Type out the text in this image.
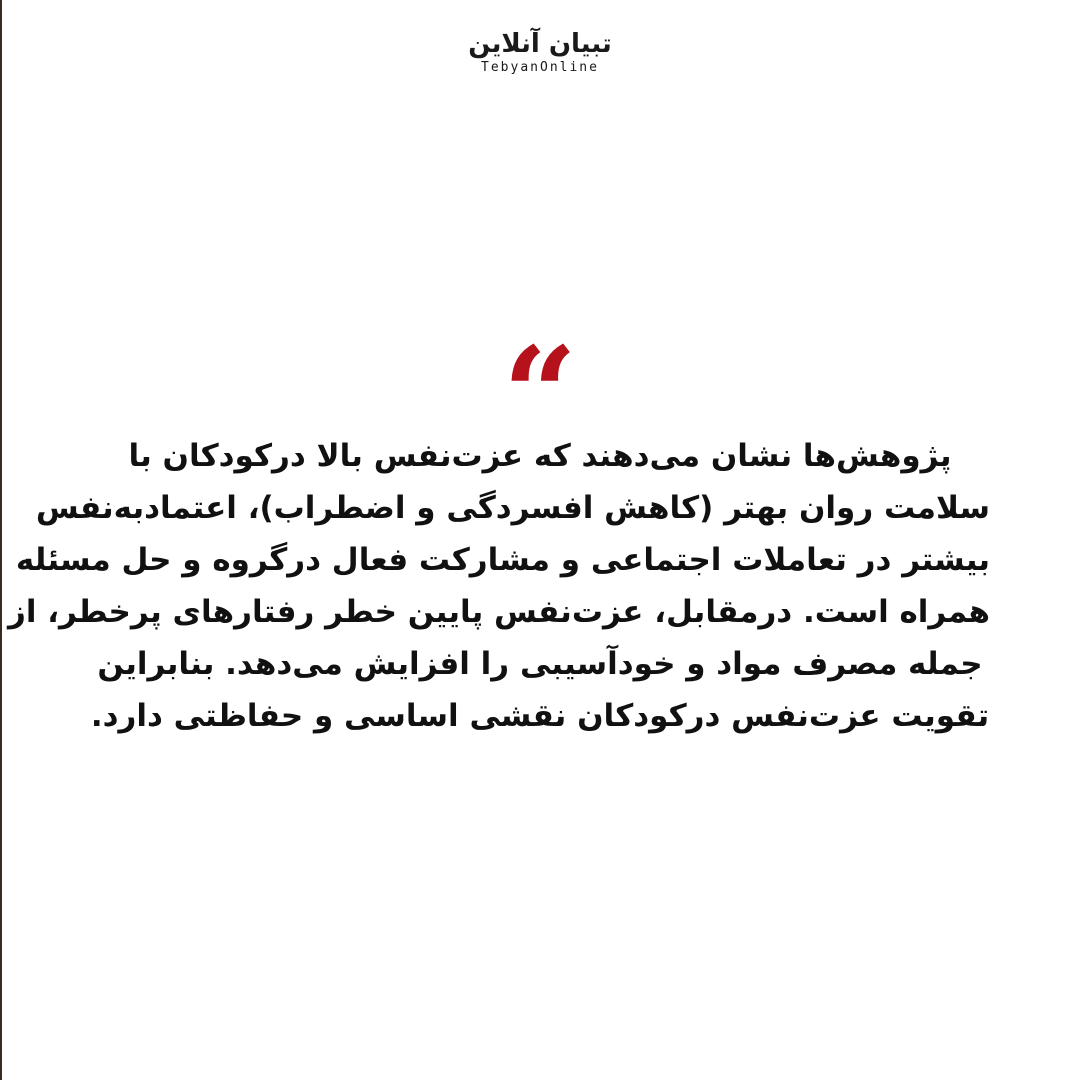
تبیان آنلاین
TebyanOnline
“
پژوهش‌ها نشان می‌دهند که عزت‌نفس بالا درکودکان با
سلامت روان بهتر (کاهش افسردگی و اضطراب)، اعتمادبه‌نفس
بیشتر در تعاملات اجتماعی و مشارکت فعال درگروه و حل مسئله
همراه است. درمقابل، عزت‌نفس پایین خطر رفتارهای پرخطر، از
جمله مصرف مواد و خودآسیبی را افزایش می‌دهد. بنابراین
تقویت عزت‌نفس درکودکان نقشی اساسی و حفاظتی دارد.
